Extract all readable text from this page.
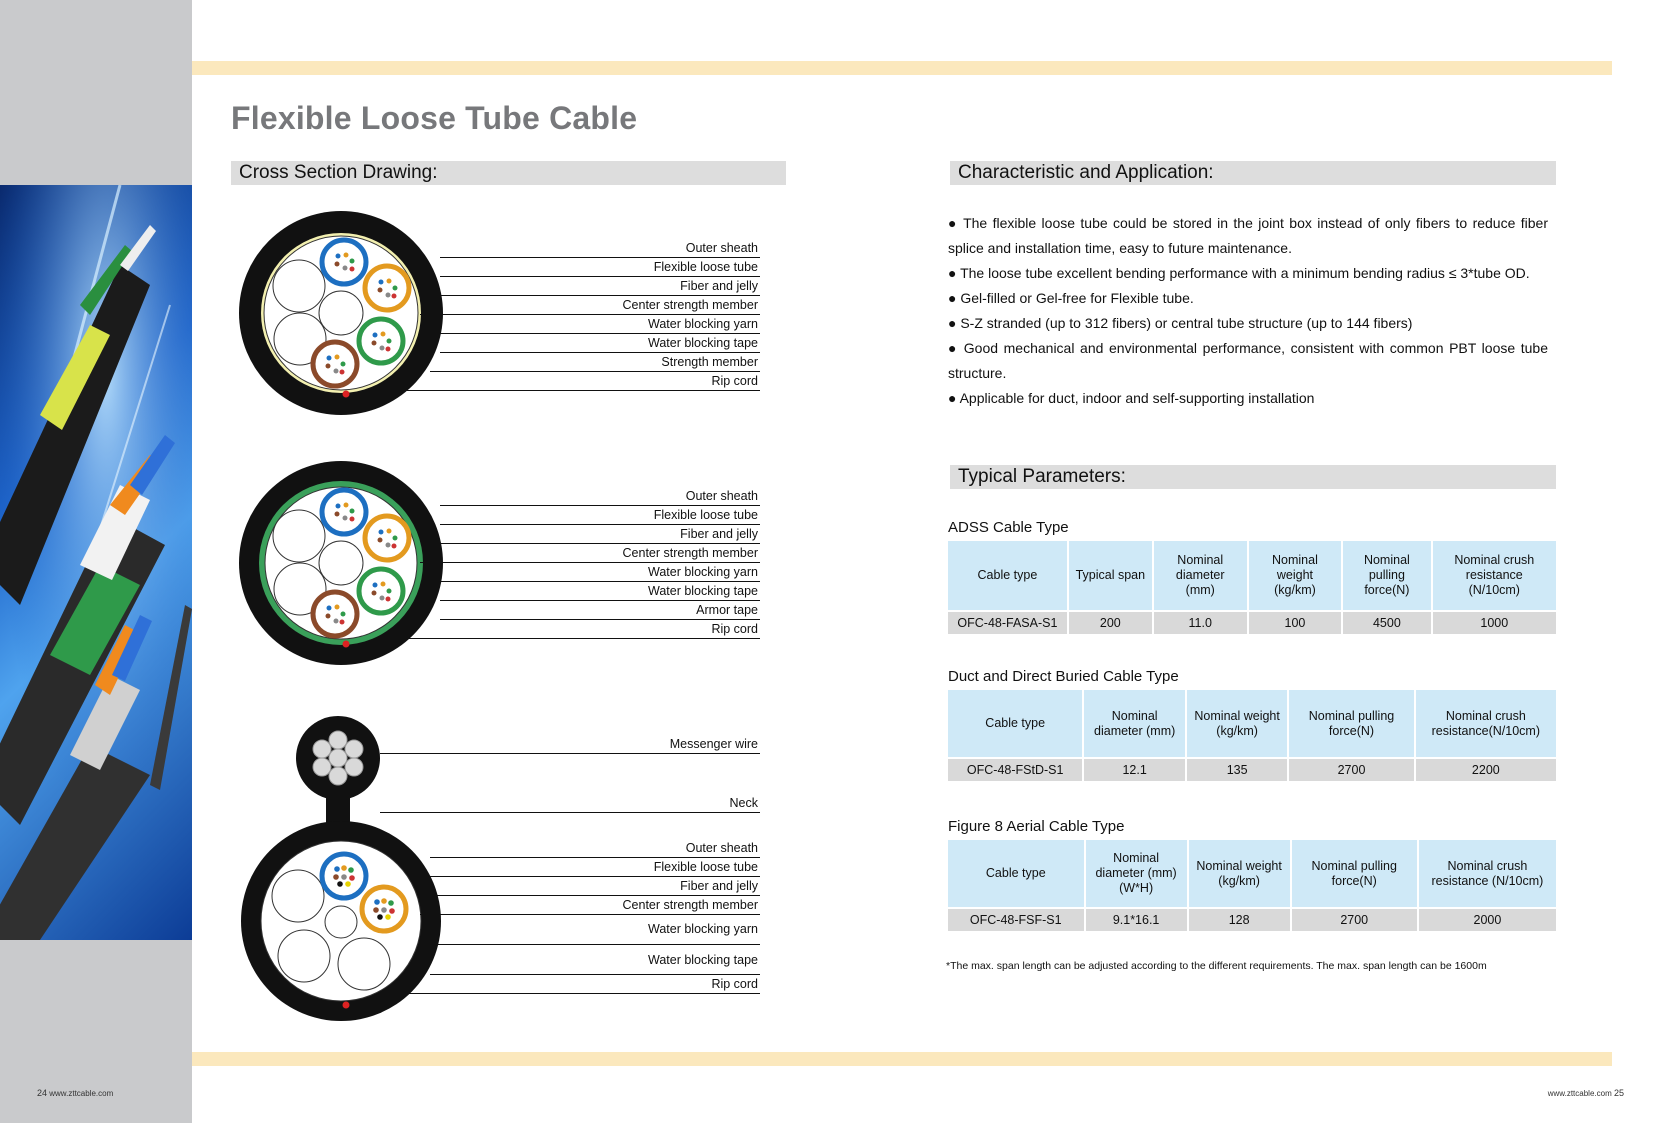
Flexible Loose Tube Cable
Cross Section Drawing:	Characteristic and Application:
Typical Parameters:
Outer sheath
Flexible loose tube
Fiber and jelly
Center strength member
Water blocking yarn
Water blocking tape
Strength member
Rip cord
Outer sheath
Flexible loose tube
Fiber and jelly
Center strength member
Water blocking yarn
Water blocking tape
Armor tape
Rip cord
Messenger wire
Neck
Outer sheath
Flexible loose tube
Fiber and jelly
Center strength member
Water blocking yarn
Water blocking tape
Rip cord
● The flexible loose tube could be stored in the joint box instead of only fibers to reduce fiber splice and installation time, easy to future maintenance.
● The loose tube excellent bending performance with a minimum bending radius ≤ 3*tube OD.
● Gel-filled or Gel-free for Flexible tube.
● S-Z stranded (up to 312 fibers) or central tube structure (up to 144 fibers)
● Good mechanical and environmental performance, consistent with common PBT loose tube structure.
● Applicable for duct, indoor and self-supporting installation
ADSS Cable Type
Cable type	Typical span	Nominal diameter (mm)	Nominal weight (kg/km)	Nominal pulling force(N)	Nominal crush resistance (N/10cm)
OFC-48-FASA-S1	200	11.0	100	4500	1000
Duct and Direct Buried Cable Type
Cable type	Nominal diameter (mm)	Nominal weight (kg/km)	Nominal pulling force(N)	Nominal crush resistance(N/10cm)
OFC-48-FStD-S1	12.1	135	2700	2200
Figure 8 Aerial Cable Type
Cable type	Nominal diameter (mm) (W*H)	Nominal weight (kg/km)	Nominal pulling force(N)	Nominal crush resistance (N/10cm)
OFC-48-FSF-S1	9.1*16.1	128	2700	2000
*The max. span length can be adjusted according to the different requirements. The max. span length can be 1600m
24 www.zttcable.com	www.zttcable.com 25
